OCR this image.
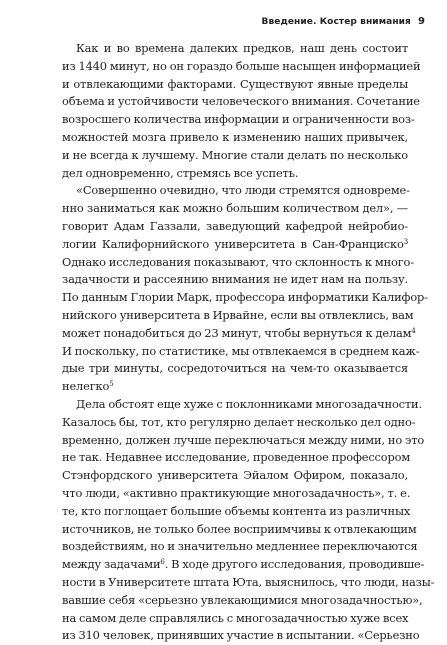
Введение. Костер внимания 9

Как и во времена далеких предков, наш день состоит
из 1440 минут, но он гораздо больше насыщен информацией
и отвлекающими факторами. Существуют явные пределы
объема и устойчивости человеческого внимания. Сочетание
возросшего количества информации и ограниченности воз-
можностей мозга привело к изменению наших привычек,
и не всегда к лучшему. Многие стали делать по несколько
дел одновременно, стремясь все успеть.

«Совершенно очевидно, что люди стремятся одновреме-
нно заниматься как можно большим количеством дел», —
говорит Адам Газзали, заведующий кафедрой нейробио-
логии Калифорнийского университета в Сан-Франциско$^3$
Однако исследования показывают, что склонность к много-
задачности и рассеянию внимания не идет нам на пользу.
По данным Глории Марк, профессора информатики Калифор-
нийского университета в Ирвайне, если вы отвлеклись, вам
может понадобиться до 23 минут, чтобы вернуться к делам$^4$
И поскольку, по статистике, мы отвлекаемся в среднем каж-
дые три минуты, сосредоточиться на чем-то оказывается
нелегко$^5$

Дела обстоят еще хуже с поклонниками многозадачности.
Казалось бы, тот, кто регулярно делает несколько дел одно-
временно, должен лучше переключаться между ними, но это
не так. Недавнее исследование, проведенное профессором
Стэнфордского университета Эйалом Офиром, показало,
что люди, «активно практикующие многозадачность», т. е.
те, кто поглощает большие объемы контента из различных
источников, не только более восприимчивы к отвлекающим
воздействиям, но и значительно медленнее переключаются
между задачами$^6$. В ходе другого исследования, проводивше-
ности в Университете штата Юта, выяснилось, что люди, назы-
вавшие себя «серьезно увлекающимися многозадачностью»,
на самом деле справлялись с многозадачностью хуже всех
из 310 человек, принявших участие в испытании. «Серьезно
